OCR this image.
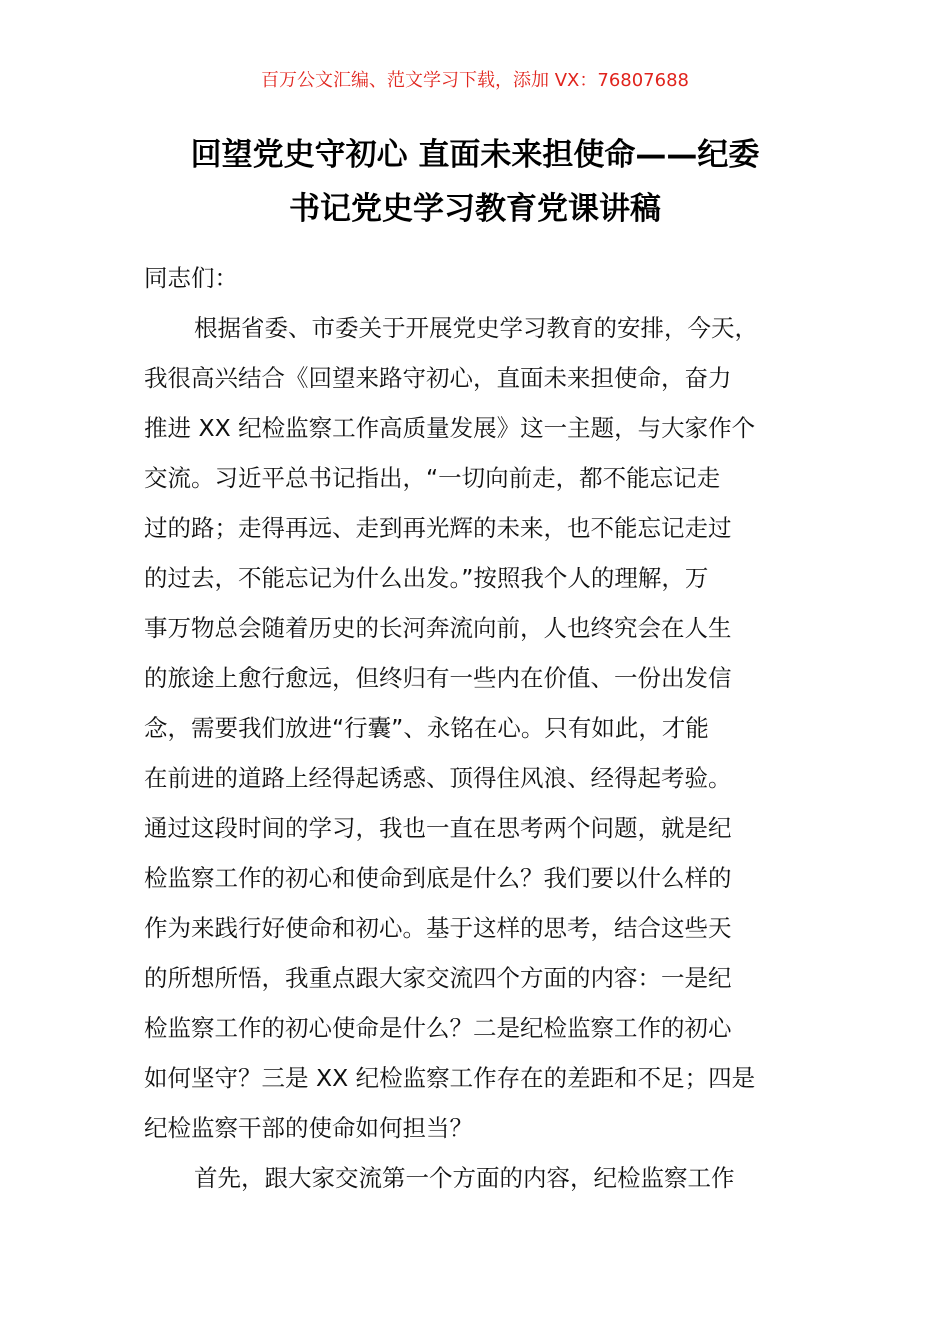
百万公文汇编、范文学习下载，添加 VX：76807688
回望党史守初心 直面未来担使命——纪委
书记党史学习教育党课讲稿
同志们：
根据省委、市委关于开展党史学习教育的安排，今天，
我很高兴结合《回望来路守初心，直面未来担使命，奋力
推进 XX 纪检监察工作高质量发展》这一主题，与大家作个
交流。习近平总书记指出，“一切向前走，都不能忘记走
过的路；走得再远、走到再光辉的未来，也不能忘记走过
的过去，不能忘记为什么出发。”按照我个人的理解，万
事万物总会随着历史的长河奔流向前，人也终究会在人生
的旅途上愈行愈远，但终归有一些内在价值、一份出发信
念，需要我们放进“行囊”、永铭在心。只有如此，才能
在前进的道路上经得起诱惑、顶得住风浪、经得起考验。
通过这段时间的学习，我也一直在思考两个问题，就是纪
检监察工作的初心和使命到底是什么？我们要以什么样的
作为来践行好使命和初心。基于这样的思考，结合这些天
的所想所悟，我重点跟大家交流四个方面的内容：一是纪
检监察工作的初心使命是什么？二是纪检监察工作的初心
如何坚守？三是 XX 纪检监察工作存在的差距和不足；四是
纪检监察干部的使命如何担当？
首先，跟大家交流第一个方面的内容，纪检监察工作
